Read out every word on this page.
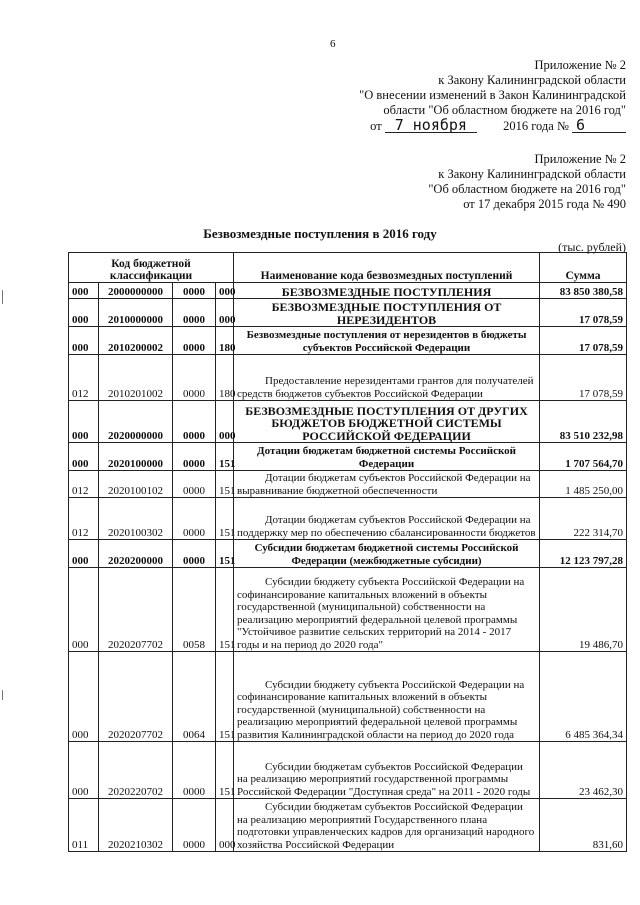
6
Приложение № 2
к Закону Калининградской области
"О внесении изменений в Закон Калининградской
области "Об областном бюджете на 2016 год"
от 7 ноября	2016 года № 6
Приложение № 2
к Закону Калининградской области
"Об областном бюджете на 2016 год"
от 17 декабря 2015 года № 490
Безвозмездные поступления в 2016 году
(тыс. рублей)
Код бюджетной классификации				Наименование кода безвозмездных поступлений	Сумма
000	2000000000	0000	000	БЕЗВОЗМЕЗДНЫЕ ПОСТУПЛЕНИЯ	83 850 380,58
000	2010000000	0000	000	БЕЗВОЗМЕЗДНЫЕ ПОСТУПЛЕНИЯ ОТ НЕРЕЗИДЕНТОВ	17 078,59
000	2010200002	0000	180	Безвозмездные поступления от нерезидентов в бюджеты субъектов Российской Федерации	17 078,59
012	2010201002	0000	180	Предоставление нерезидентами грантов для получателей средств бюджетов субъектов Российской Федерации	17 078,59
000	2020000000	0000	000	БЕЗВОЗМЕЗДНЫЕ ПОСТУПЛЕНИЯ ОТ ДРУГИХ БЮДЖЕТОВ БЮДЖЕТНОЙ СИСТЕМЫ РОССИЙСКОЙ ФЕДЕРАЦИИ	83 510 232,98
000	2020100000	0000	151	Дотации бюджетам бюджетной системы Российской Федерации	1 707 564,70
012	2020100102	0000	151	Дотации бюджетам субъектов Российской Федерации на выравнивание бюджетной обеспеченности	1 485 250,00
012	2020100302	0000	151	Дотации бюджетам субъектов Российской Федерации на поддержку мер по обеспечению сбалансированности бюджетов	222 314,70
000	2020200000	0000	151	Субсидии бюджетам бюджетной системы Российской Федерации (межбюджетные субсидии)	12 123 797,28
000	2020207702	0058	151	Субсидии бюджету субъекта Российской Федерации на софинансирование капитальных вложений в объекты государственной (муниципальной) собственности на реализацию мероприятий федеральной целевой программы "Устойчивое развитие сельских территорий на 2014 - 2017 годы и на период до 2020 года"	19 486,70
000	2020207702	0064	151	Субсидии бюджету субъекта Российской Федерации на софинансирование капитальных вложений в объекты государственной (муниципальной) собственности на реализацию мероприятий федеральной целевой программы развития Калининградской области на период до 2020 года	6 485 364,34
000	2020220702	0000	151	Субсидии бюджетам субъектов Российской Федерации на реализацию мероприятий государственной программы Российской Федерации "Доступная среда" на 2011 - 2020 годы	23 462,30
011	2020210302	0000	000	Субсидии бюджетам субъектов Российской Федерации на реализацию мероприятий Государственного плана подготовки управленческих кадров для организаций народного хозяйства Российской Федерации	831,60
